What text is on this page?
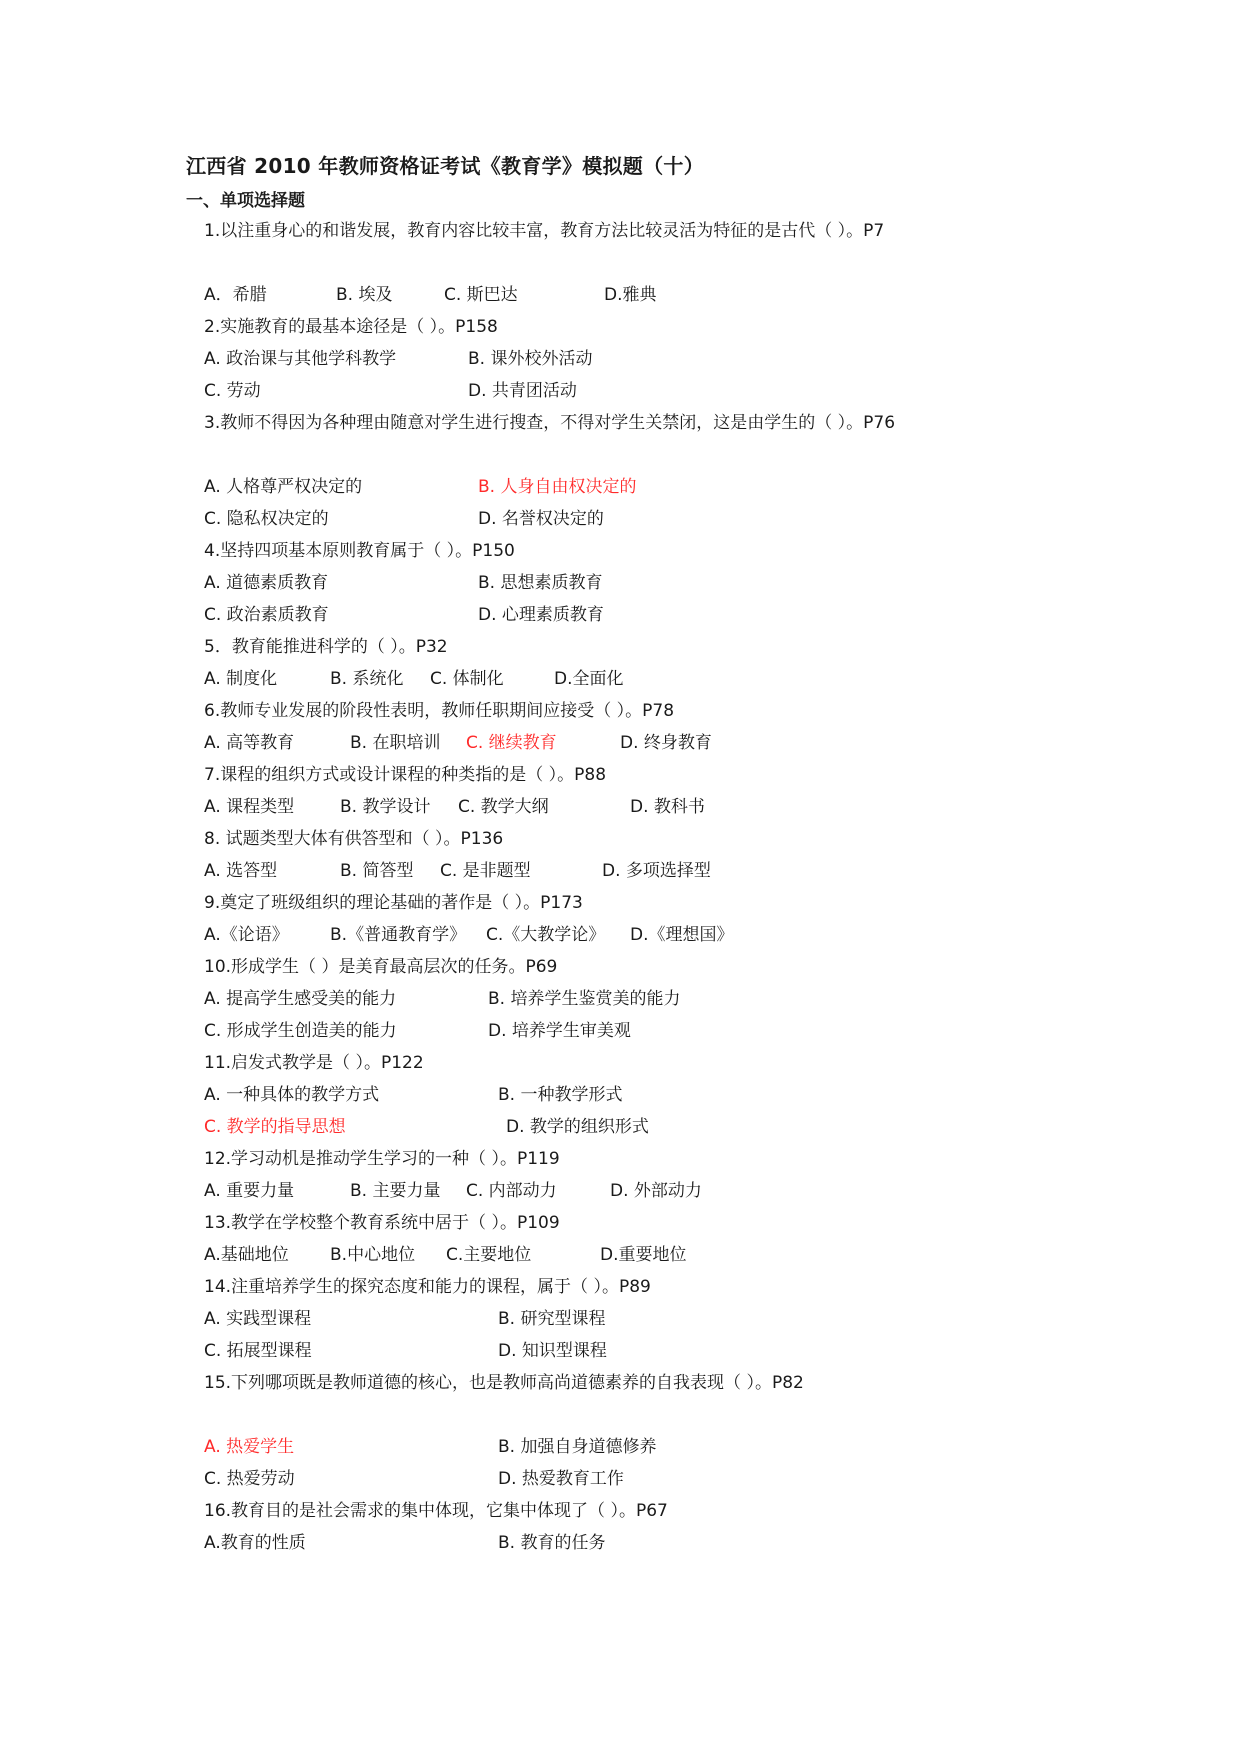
江西省 2010 年教师资格证考试《教育学》模拟题（十）
一、单项选择题
1.以注重身心的和谐发展，教育内容比较丰富，教育方法比较灵活为特征的是古代（ ）。P7
A．希腊	B. 埃及	C. 斯巴达	D.雅典
2.实施教育的最基本途径是（ ）。P158
A. 政治课与其他学科教学	B. 课外校外活动
C. 劳动	D. 共青团活动
3.教师不得因为各种理由随意对学生进行搜查，不得对学生关禁闭，这是由学生的（ ）。P76
A. 人格尊严权决定的	B. 人身自由权决定的
C. 隐私权决定的	D. 名誉权决定的
4.坚持四项基本原则教育属于（ ）。P150
A. 道德素质教育	B. 思想素质教育
C. 政治素质教育	D. 心理素质教育
5．教育能推进科学的（ ）。P32
A. 制度化	B. 系统化 C. 体制化	D.全面化
6.教师专业发展的阶段性表明，教师任职期间应接受（ ）。P78
A. 高等教育	B. 在职培训 C. 继续教育	D. 终身教育
7.课程的组织方式或设计课程的种类指的是（ ）。P88
A. 课程类型	B. 教学设计 C. 教学大纲	D. 教科书
8. 试题类型大体有供答型和（ ）。P136
A. 选答型	B. 简答型 C. 是非题型	D. 多项选择型
9.奠定了班级组织的理论基础的著作是（ ）。P173
A.《论语》 B.《普通教育学》 C.《大教学论》 D.《理想国》
10.形成学生（ ）是美育最高层次的任务。P69
A. 提高学生感受美的能力	B. 培养学生鉴赏美的能力
C. 形成学生创造美的能力	D. 培养学生审美观
11.启发式教学是（ ）。P122
A. 一种具体的教学方式	B. 一种教学形式
C. 教学的指导思想	D. 教学的组织形式
12.学习动机是推动学生学习的一种（ ）。P119
A. 重要力量	B. 主要力量 C. 内部动力	D. 外部动力
13.教学在学校整个教育系统中居于（ ）。P109
A.基础地位 B.中心地位 C.主要地位	D.重要地位
14.注重培养学生的探究态度和能力的课程，属于（ ）。P89
A. 实践型课程	B. 研究型课程
C. 拓展型课程	D. 知识型课程
15.下列哪项既是教师道德的核心，也是教师高尚道德素养的自我表现（ ）。P82
A. 热爱学生	B. 加强自身道德修养
C. 热爱劳动	D. 热爱教育工作
16.教育目的是社会需求的集中体现，它集中体现了（ ）。P67
A.教育的性质	B. 教育的任务
